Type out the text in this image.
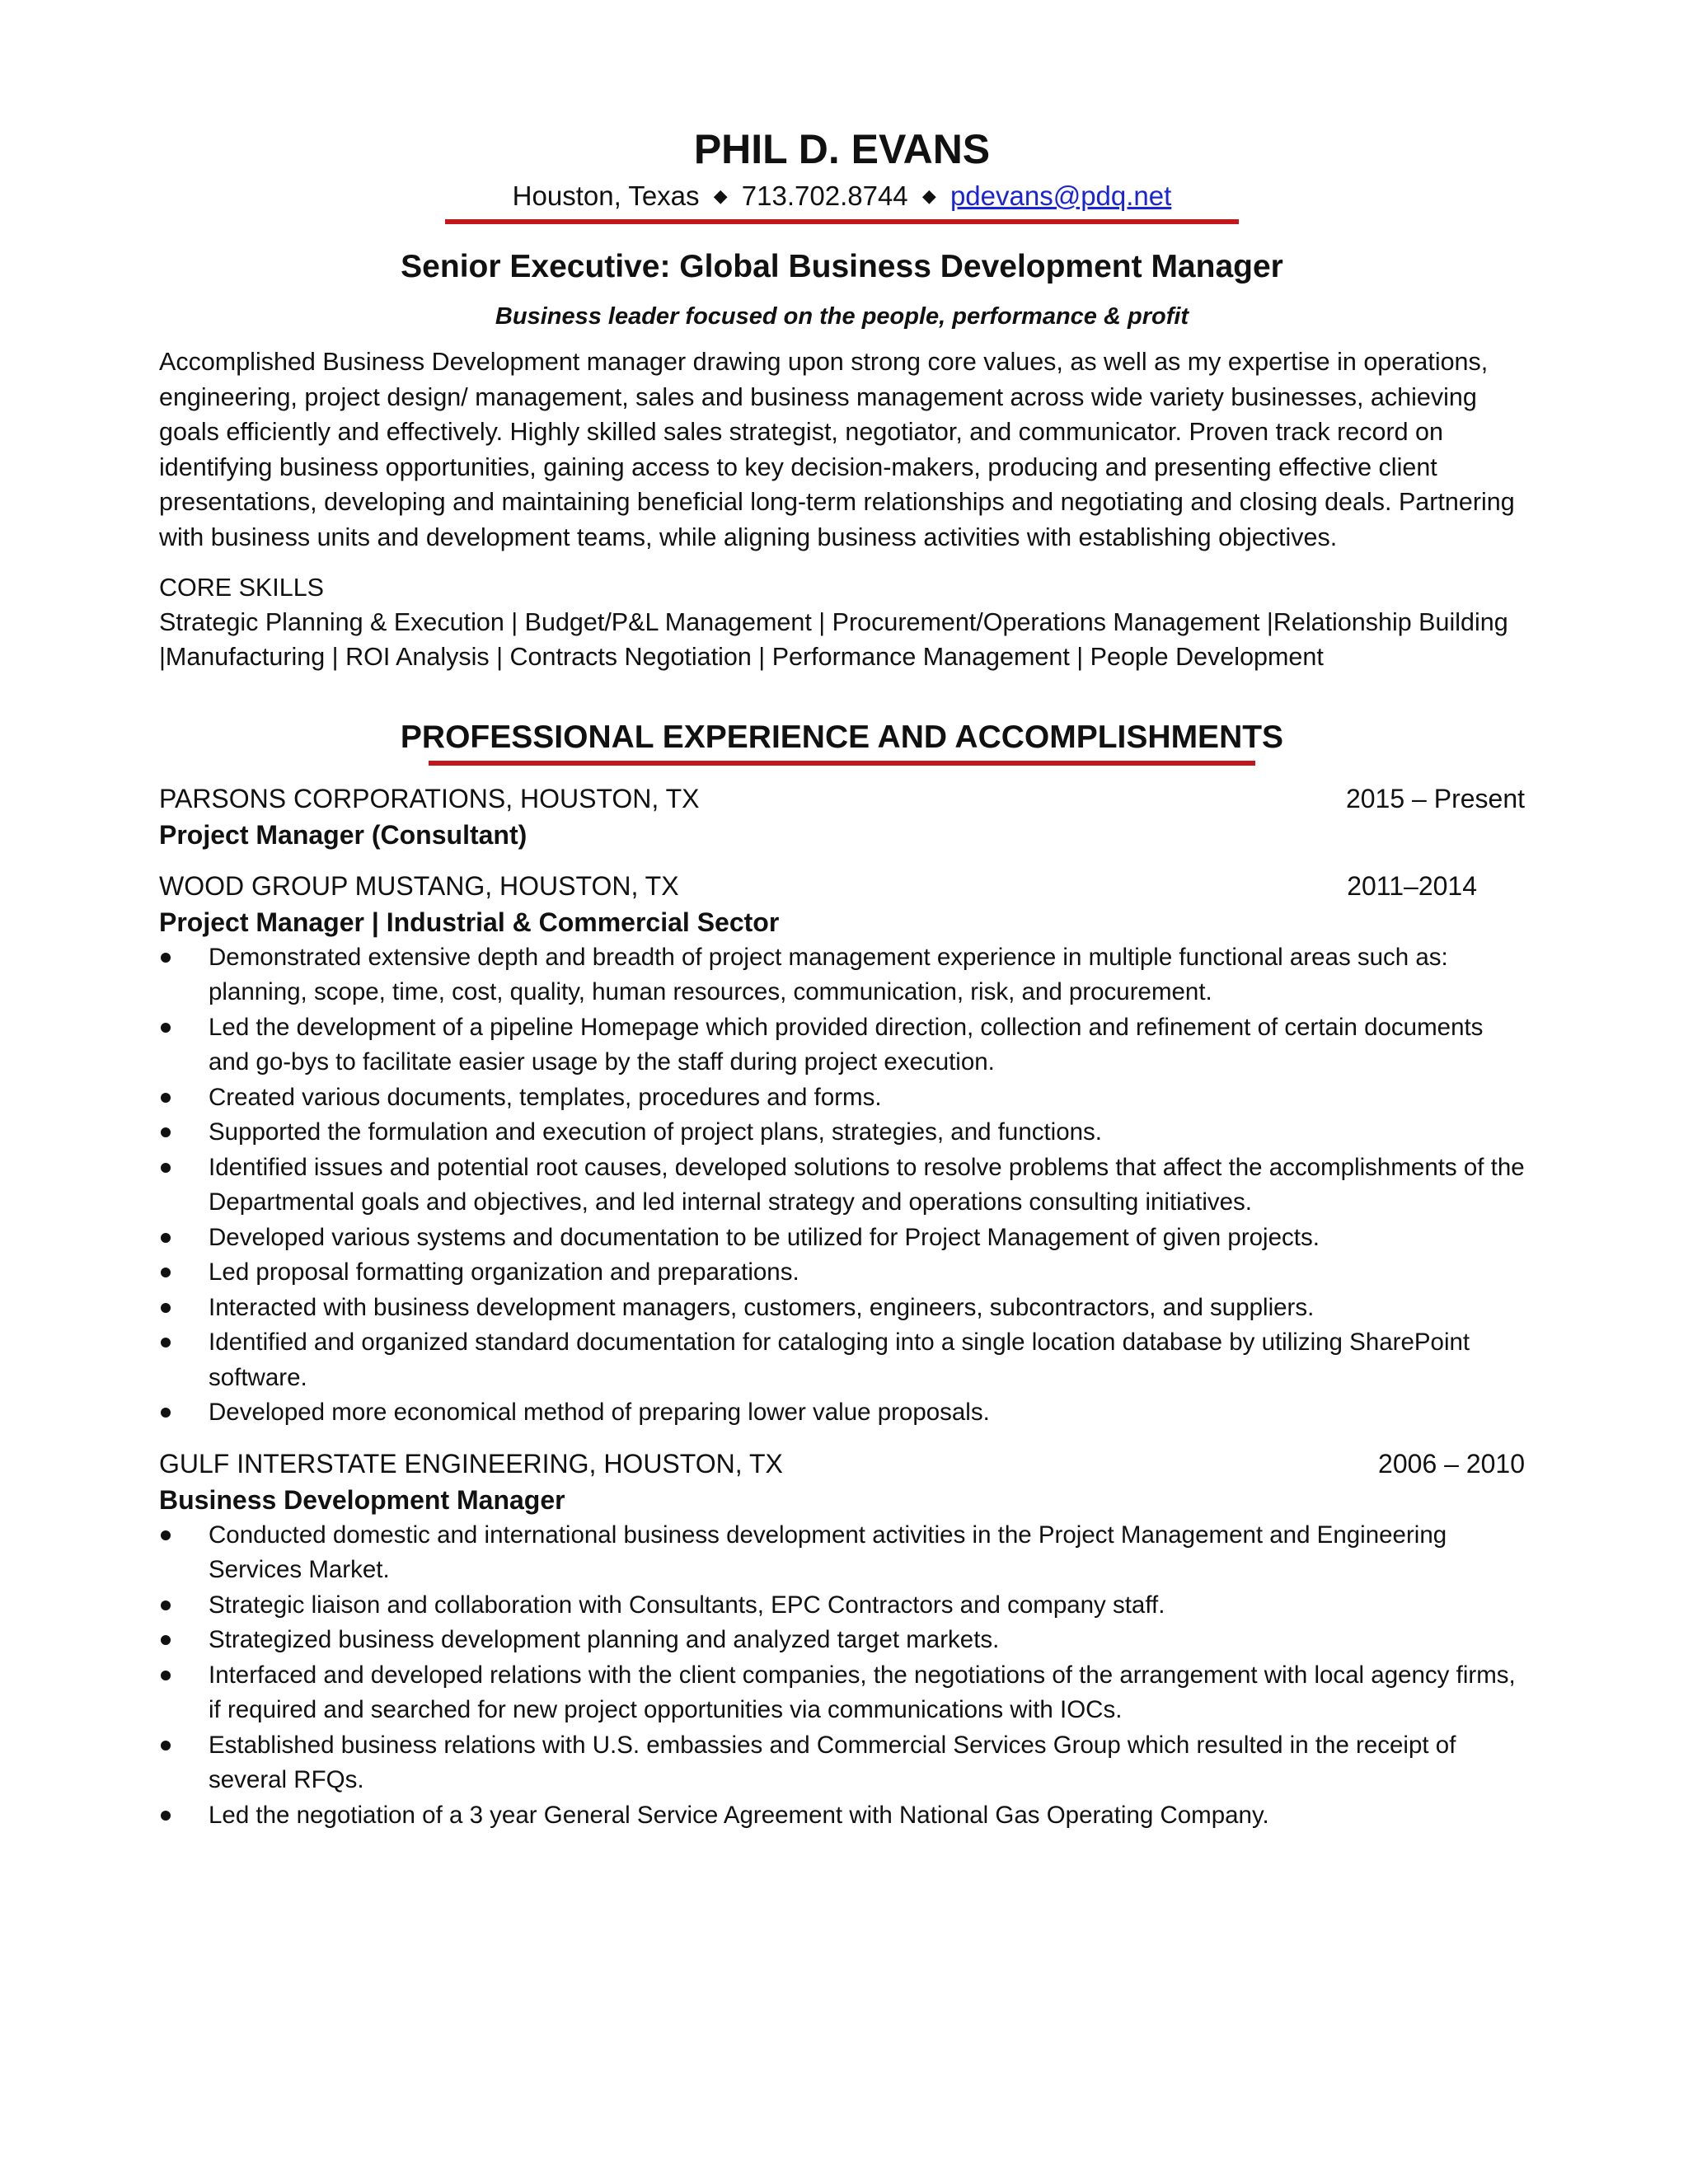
PHIL D. EVANS
Houston, Texas ◆ 713.702.8744 ◆ pdevans@pdq.net
Senior Executive: Global Business Development Manager
Business leader focused on the people, performance & profit
Accomplished Business Development manager drawing upon strong core values, as well as my expertise in operations, engineering, project design/ management, sales and business management across wide variety businesses, achieving goals efficiently and effectively. Highly skilled sales strategist, negotiator, and communicator. Proven track record on identifying business opportunities, gaining access to key decision-makers, producing and presenting effective client presentations, developing and maintaining beneficial long-term relationships and negotiating and closing deals. Partnering with business units and development teams, while aligning business activities with establishing objectives.
CORE SKILLS
Strategic Planning & Execution | Budget/P&L Management | Procurement/Operations Management |Relationship Building |Manufacturing | ROI Analysis | Contracts Negotiation | Performance Management | People Development
PROFESSIONAL EXPERIENCE AND ACCOMPLISHMENTS
PARSONS CORPORATIONS, HOUSTON, TX	2015 – Present
Project Manager (Consultant)
WOOD GROUP MUSTANG, HOUSTON, TX	2011–2014
Project Manager | Industrial & Commercial Sector
Demonstrated extensive depth and breadth of project management experience in multiple functional areas such as: planning, scope, time, cost, quality, human resources, communication, risk, and procurement.
Led the development of a pipeline Homepage which provided direction, collection and refinement of certain documents and go-bys to facilitate easier usage by the staff during project execution.
Created various documents, templates, procedures and forms.
Supported the formulation and execution of project plans, strategies, and functions.
Identified issues and potential root causes, developed solutions to resolve problems that affect the accomplishments of the Departmental goals and objectives, and led internal strategy and operations consulting initiatives.
Developed various systems and documentation to be utilized for Project Management of given projects.
Led proposal formatting organization and preparations.
Interacted with business development managers, customers, engineers, subcontractors, and suppliers.
Identified and organized standard documentation for cataloging into a single location database by utilizing SharePoint software.
Developed more economical method of preparing lower value proposals.
GULF INTERSTATE ENGINEERING, HOUSTON, TX	2006 – 2010
Business Development Manager
Conducted domestic and international business development activities in the Project Management and Engineering Services Market.
Strategic liaison and collaboration with Consultants, EPC Contractors and company staff.
Strategized business development planning and analyzed target markets.
Interfaced and developed relations with the client companies, the negotiations of the arrangement with local agency firms, if required and searched for new project opportunities via communications with IOCs.
Established business relations with U.S. embassies and Commercial Services Group which resulted in the receipt of several RFQs.
Led the negotiation of a 3 year General Service Agreement with National Gas Operating Company.
